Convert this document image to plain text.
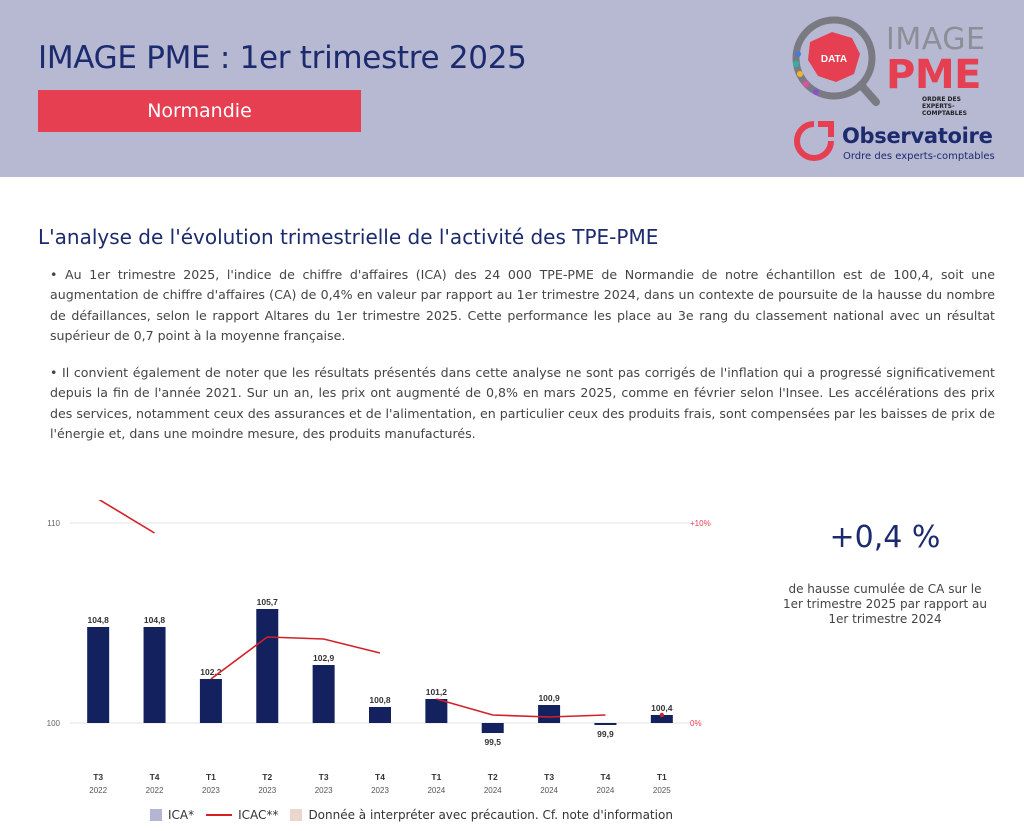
IMAGE PME : 1er trimestre 2025
Normandie
DATA
IMAGE
PME
ORDRE DES EXPERTS-COMPTABLES
Observatoire
Ordre des experts-comptables
L'analyse de l'évolution trimestrielle de l'activité des TPE-PME

• Au 1er trimestre 2025, l'indice de chiffre d'affaires (ICA) des 24 000 TPE-PME de Normandie de notre échantillon est de 100,4, soit une augmentation de chiffre d'affaires (CA) de 0,4% en valeur par rapport au 1er trimestre 2024, dans un contexte de poursuite de la hausse du nombre de défaillances, selon le rapport Altares du 1er trimestre 2025. Cette performance les place au 3e rang du classement national avec un résultat supérieur de 0,7 point à la moyenne française.

• Il convient également de noter que les résultats présentés dans cette analyse ne sont pas corrigés de l'inflation qui a progressé significativement depuis la fin de l'année 2021. Sur un an, les prix ont augmenté de 0,8% en mars 2025, comme en février selon l'Insee. Les accélérations des prix des services, notamment ceux des assurances et de l'alimentation, en particulier ceux des produits frais, sont compensées par les baisses de prix de l'énergie et, dans une moindre mesure, des produits manufacturés.

110
100
+10%
0%
104,8
T3
2022
104,8
T4
2022
102,2
T1
2023
105,7
T2
2023
102,9
T3
2023
100,8
T4
2023
101,2
T1
2024
99,5
T2
2024
100,9
T3
2024
99,9
T4
2024
100,4
T1
2025
ICA*	ICAC**	Donnée à interpréter avec précaution. Cf. note d'information
+0,4 %
de hausse cumulée de CA sur le 1er trimestre 2025 par rapport au 1er trimestre 2024
